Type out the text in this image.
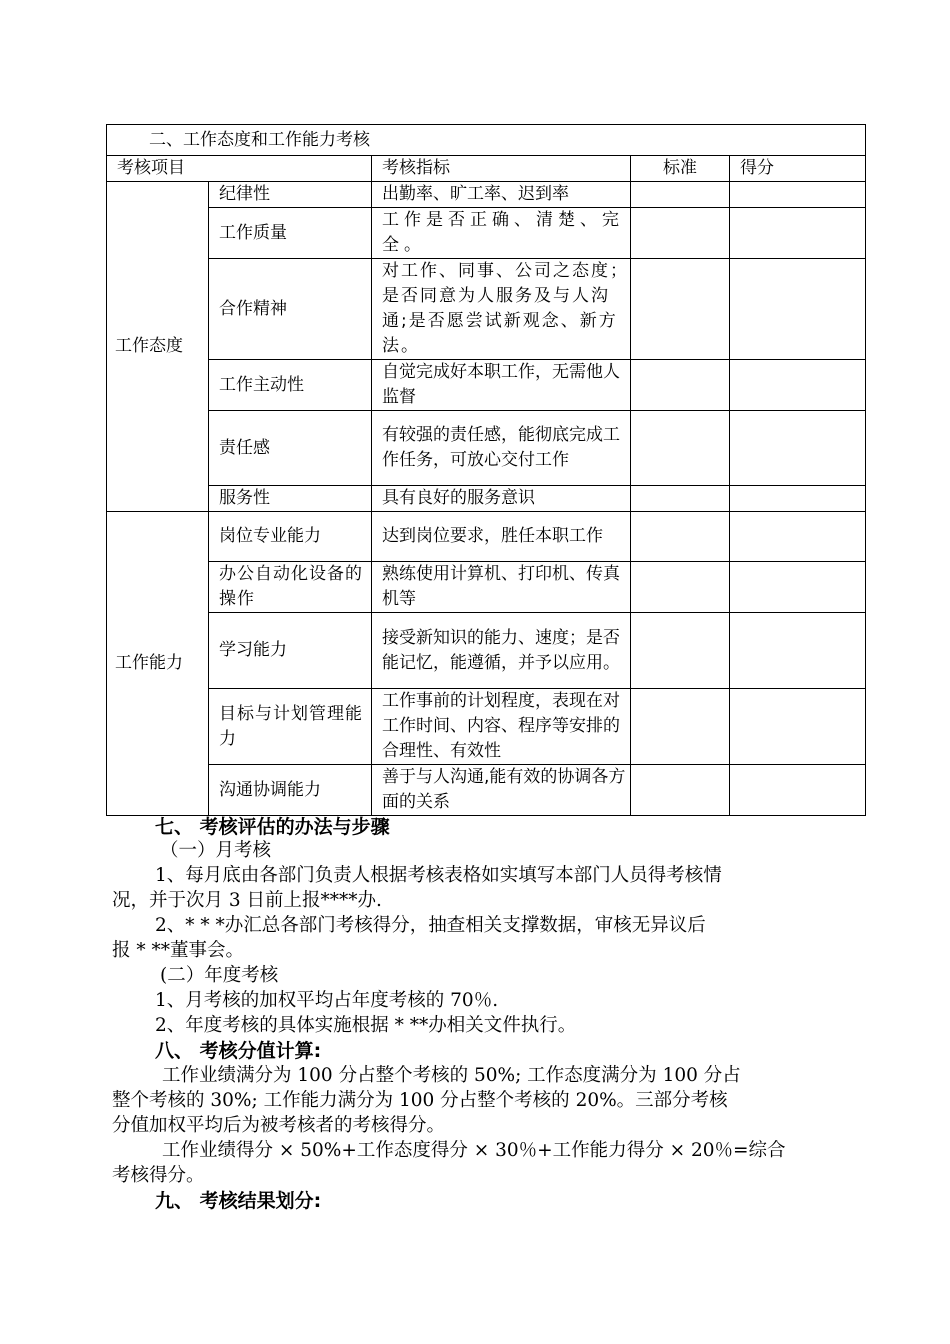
二、工作态度和工作能力考核				
考核项目		考核指标	标准	得分
工作态度	纪律性	出勤率、旷工率、迟到率		
	工作质量	工作是否正确、清楚、完全。		
	合作精神	对工作、同事、公司之态度；是否同意为人服务及与人沟通;是否愿尝试新观念、新方法。		
	工作主动性	自觉完成好本职工作，无需他人监督		
	责任感	有较强的责任感，能彻底完成工作任务，可放心交付工作		
	服务性	具有良好的服务意识		
工作能力	岗位专业能力	达到岗位要求，胜任本职工作		
	办公自动化设备的操作	熟练使用计算机、打印机、传真机等		
	学习能力	接受新知识的能力、速度；是否能记忆，能遵循，并予以应用。		
	目标与计划管理能力	工作事前的计划程度，表现在对工作时间、内容、程序等安排的合理性、有效性		
	沟通协调能力	善于与人沟通,能有效的协调各方面的关系		
七、 考核评估的办法与步骤
（一）月考核
1、每月底由各部门负责人根据考核表格如实填写本部门人员得考核情
况，并于次月 3 日前上报****办.
2、* * *办汇总各部门考核得分，抽查相关支撑数据，审核无异议后
报 * **董事会。
(二）年度考核
1、月考核的加权平均占年度考核的 70％.
2、年度考核的具体实施根据 * **办相关文件执行。
八、 考核分值计算:
工作业绩满分为 100 分占整个考核的 50%; 工作态度满分为 100 分占
整个考核的 30%; 工作能力满分为 100 分占整个考核的 20%。三部分考核
分值加权平均后为被考核者的考核得分。
工作业绩得分 × 50%+工作态度得分 × 30％+工作能力得分 × 20％=综合
考核得分。
九、 考核结果划分:
